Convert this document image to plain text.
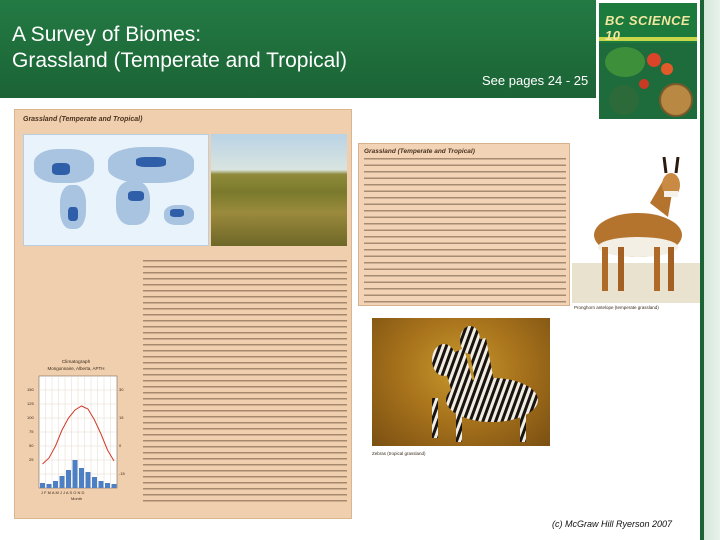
A Survey of Biomes:
Grassland (Temperate and Tropical)
See pages 24 - 25
BC SCIENCE 10
Grassland (Temperate and Tropical)
Climatograph
Mongonnaire, Alberta, APTH
150
125
100
75
50
25
30
15
0
-15
J F M A M J J A S O N D
Month
Grassland (Temperate and Tropical)
Pronghorn antelope (temperate grassland)
Zebras (tropical grassland)
(c) McGraw Hill Ryerson 2007
